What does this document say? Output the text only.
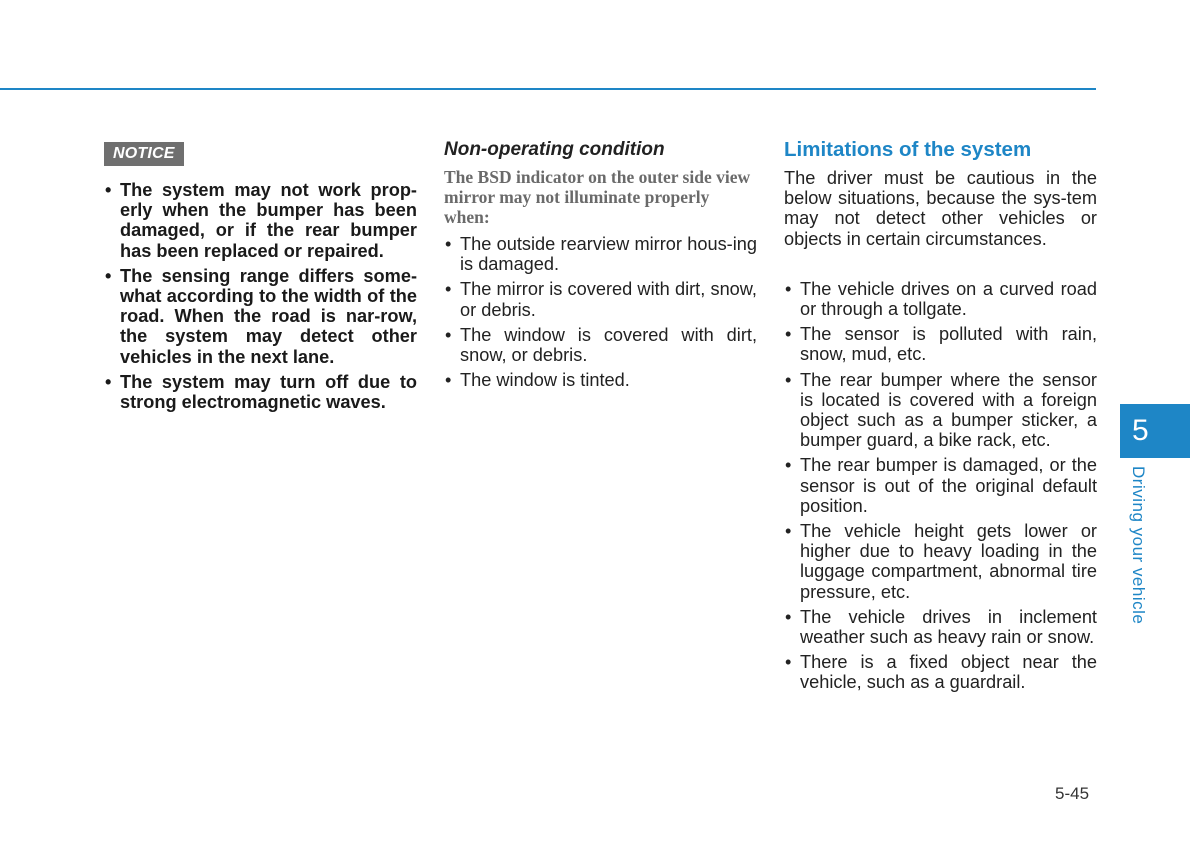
NOTICE
• The system may not work prop-erly when the bumper has been damaged, or if the rear bumper has been replaced or repaired.
• The sensing range differs some-what according to the width of the road. When the road is nar-row, the system may detect other vehicles in the next lane.
• The system may turn off due to strong electromagnetic waves.
Non-operating condition
The BSD indicator on the outer side view mirror may not illuminate properly when:
• The outside rearview mirror hous-ing is damaged.
• The mirror is covered with dirt, snow, or debris.
• The window is covered with dirt, snow, or debris.
• The window is tinted.
Limitations of the system
The driver must be cautious in the below situations, because the sys-tem may not detect other vehicles or objects in certain circumstances.
• The vehicle drives on a curved road or through a tollgate.
• The sensor is polluted with rain, snow, mud, etc.
• The rear bumper where the sensor is located is covered with a foreign object such as a bumper sticker, a bumper guard, a bike rack, etc.
• The rear bumper is damaged, or the sensor is out of the original default position.
• The vehicle height gets lower or higher due to heavy loading in the luggage compartment, abnormal tire pressure, etc.
• The vehicle drives in inclement weather such as heavy rain or snow.
• There is a fixed object near the vehicle, such as a guardrail.
5
Driving your vehicle
5-45
